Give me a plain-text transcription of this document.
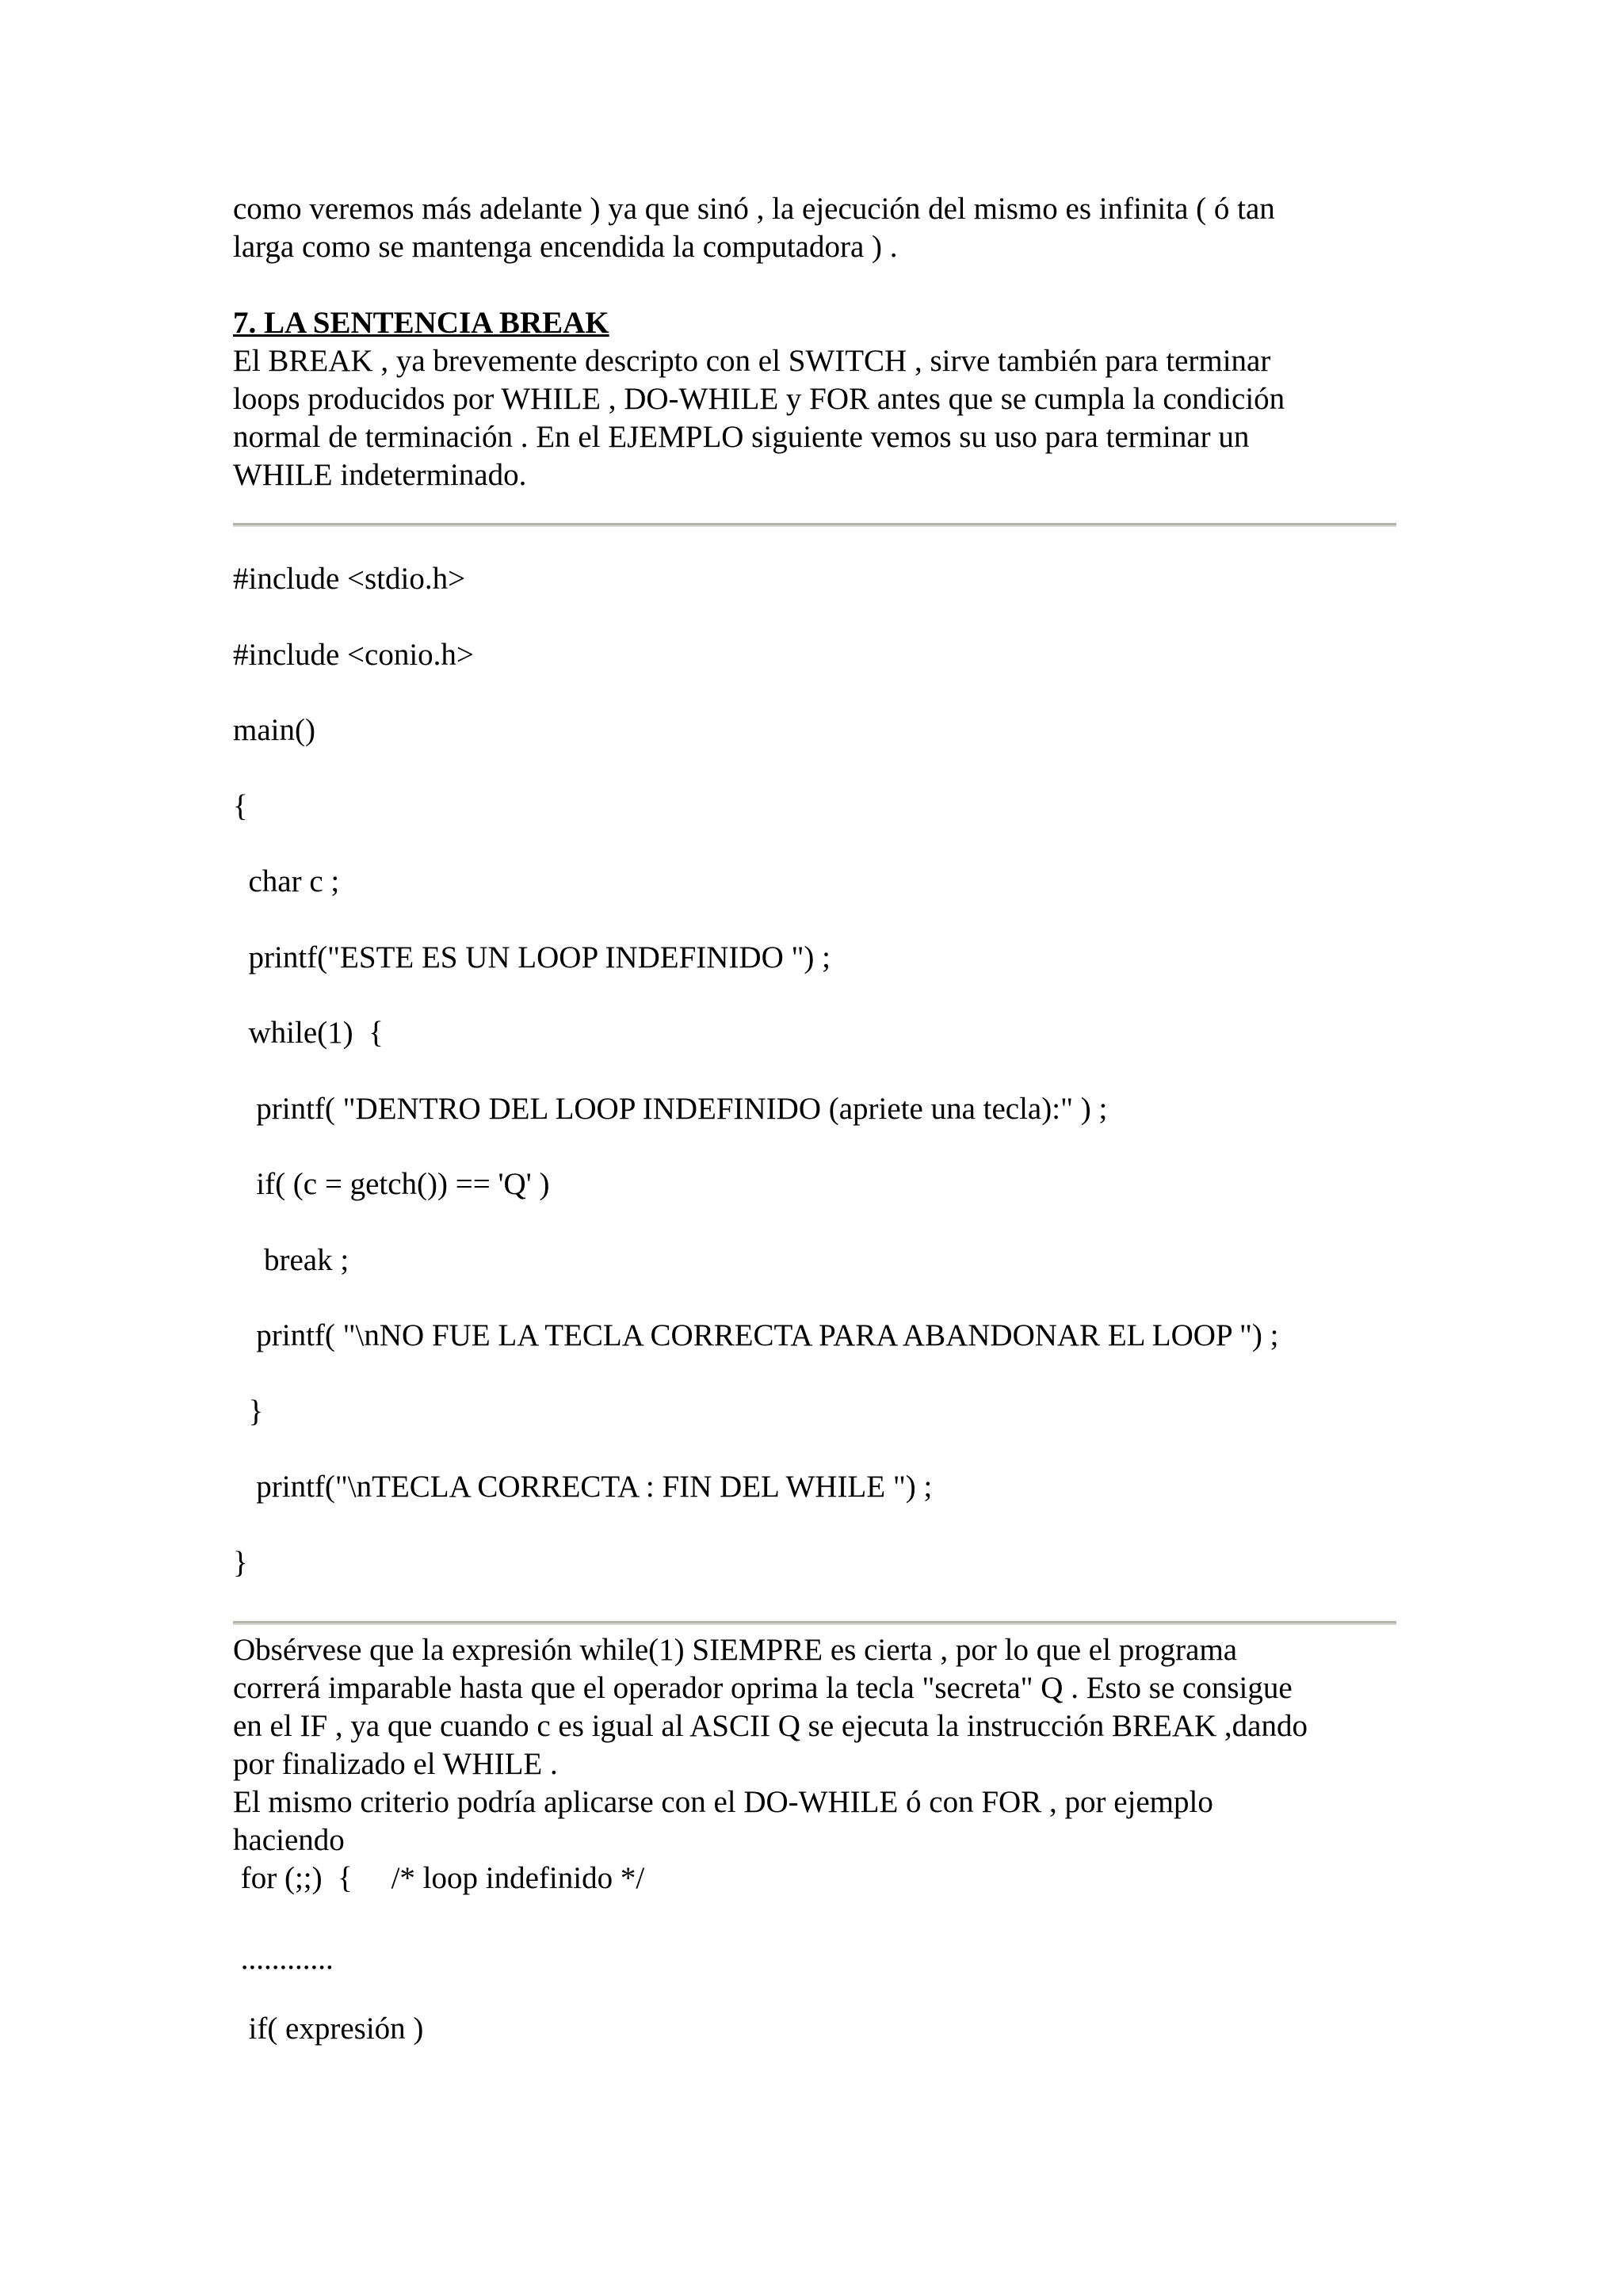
como veremos más adelante ) ya que sinó , la ejecución del mismo es infinita ( ó tan

larga como se mantenga encendida la computadora ) .

7. LA SENTENCIA BREAK

El BREAK , ya brevemente descripto con el SWITCH , sirve también para terminar

loops producidos por WHILE , DO-WHILE y FOR antes que se cumpla la condición

normal de terminación . En el EJEMPLO siguiente vemos su uso para terminar un

WHILE indeterminado.

#include <stdio.h>
#include <conio.h>
main()
{
char c ;
printf("ESTE ES UN LOOP INDEFINIDO ") ;
while(1)  {
printf( "DENTRO DEL LOOP INDEFINIDO (apriete una tecla):" ) ;
if( (c = getch()) == 'Q' )
break ;
printf( "\nNO FUE LA TECLA CORRECTA PARA ABANDONAR EL LOOP ") ;
}
printf("\nTECLA CORRECTA : FIN DEL WHILE ") ;
}

Obsérvese que la expresión while(1) SIEMPRE es cierta , por lo que el programa

correrá imparable hasta que el operador oprima la tecla "secreta" Q . Esto se consigue

en el IF , ya que cuando c es igual al ASCII Q se ejecuta la instrucción BREAK ,dando

por finalizado el WHILE .

El mismo criterio podría aplicarse con el DO-WHILE ó con FOR , por ejemplo

haciendo

for (;;)  {     /* loop indefinido */
............
if( expresión )
